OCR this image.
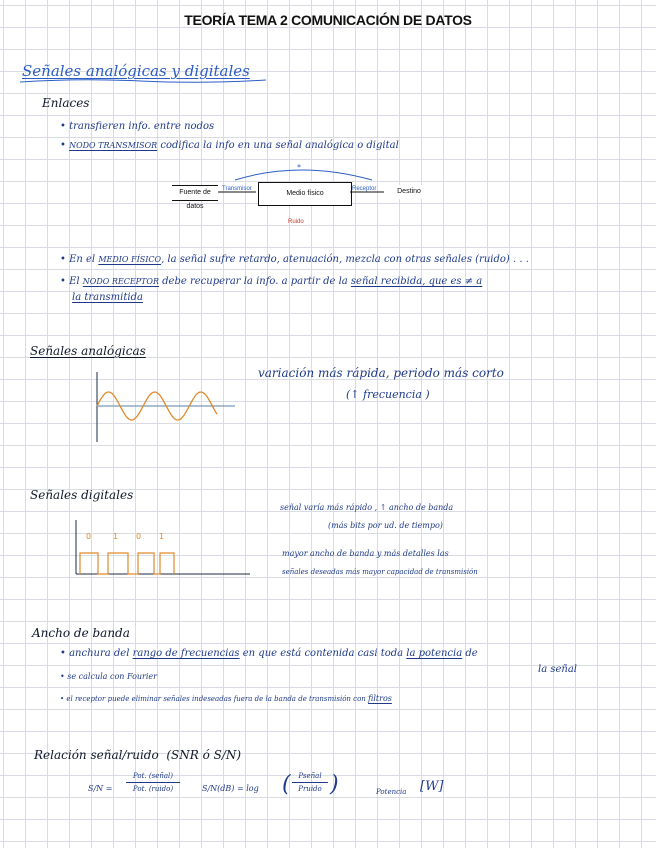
TEORÍA TEMA 2 COMUNICACIÓN DE DATOS
Señales analógicas y digitales
Enlaces
• transfieren info. entre nodos
• NODO TRANSMISOR codifica la info en una señal analógica o digital
Fuente de datos
Transmisor
Medio físico
Receptor	Destino
Ruido
• En el MEDIO FÍSICO, la señal sufre retardo, atenuación, mezcla con otras señales (ruido) . . .
• El NODO RECEPTOR debe recuperar la info. a partir de la señal recibida, que es ≠ a
la transmitida
Señales analógicas
variación más rápida, periodo más corto
(↑ frecuencia )
Señales digitales
0	1 0 1
señal varía más rápido , ↑ ancho de banda
(más bits por ud. de tiempo)
mayor ancho de banda y más detalles las
señales deseadas más mayor capacidad de transmisión
Ancho de banda
• anchura del rango de frecuencias en que está contenida casi toda la potencia de
la señal
• se calcula con Fourier
• el receptor puede eliminar señales indeseadas fuera de la banda de transmisión con filtros
Relación señal/ruido (SNR ó S/N)
S/N =
Pot. (señal)
Pot. (ruido)	S/N(dB) = log (	Pseñal
Pruido )	Potencia [W]
*
